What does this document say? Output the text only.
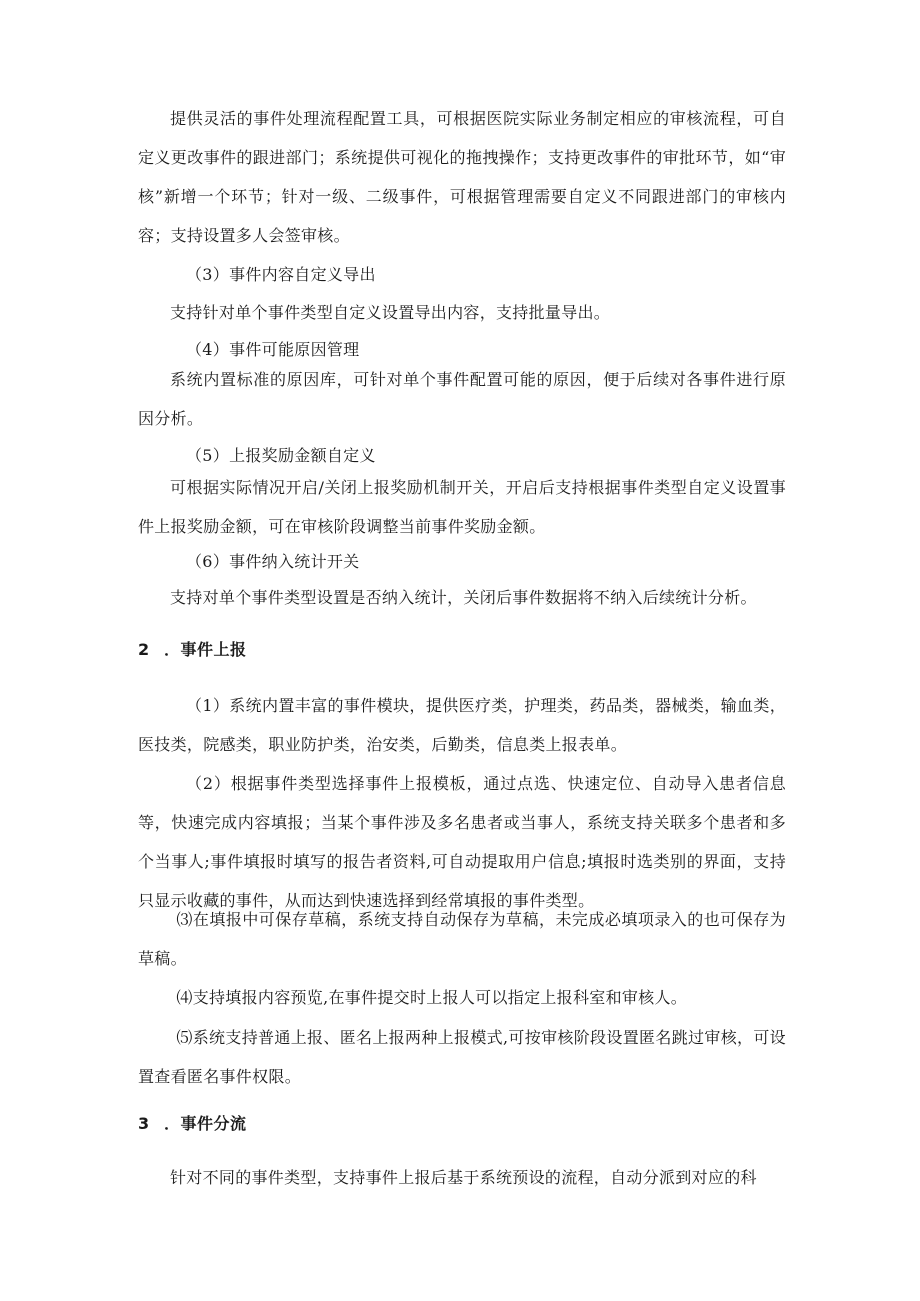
提供灵活的事件处理流程配置工具，可根据医院实际业务制定相应的审核流程，可自定义更改事件的跟进部门；系统提供可视化的拖拽操作；支持更改事件的审批环节，如“审核”新增一个环节；针对一级、二级事件，可根据管理需要自定义不同跟进部门的审核内容；支持设置多人会签审核。

（3）事件内容自定义导出

支持针对单个事件类型自定义设置导出内容，支持批量导出。

（4）事件可能原因管理

系统内置标准的原因库，可针对单个事件配置可能的原因，便于后续对各事件进行原因分析。

（5）上报奖励金额自定义

可根据实际情况开启/关闭上报奖励机制开关，开启后支持根据事件类型自定义设置事件上报奖励金额，可在审核阶段调整当前事件奖励金额。

（6）事件纳入统计开关

支持对单个事件类型设置是否纳入统计，关闭后事件数据将不纳入后续统计分析。

2 ．事件上报

（1）系统内置丰富的事件模块，提供医疗类，护理类，药品类，器械类，输血类，医技类，院感类，职业防护类，治安类，后勤类，信息类上报表单。

（2）根据事件类型选择事件上报模板，通过点选、快速定位、自动导入患者信息等，快速完成内容填报；当某个事件涉及多名患者或当事人，系统支持关联多个患者和多个当事人;事件填报时填写的报告者资料,可自动提取用户信息;填报时选类别的界面，支持只显示收藏的事件，从而达到快速选择到经常填报的事件类型。

⑶在填报中可保存草稿，系统支持自动保存为草稿，未完成必填项录入的也可保存为草稿。

⑷支持填报内容预览,在事件提交时上报人可以指定上报科室和审核人。

⑸系统支持普通上报、匿名上报两种上报模式,可按审核阶段设置匿名跳过审核，可设置查看匿名事件权限。

3 ．事件分流

针对不同的事件类型，支持事件上报后基于系统预设的流程，自动分派到对应的科
